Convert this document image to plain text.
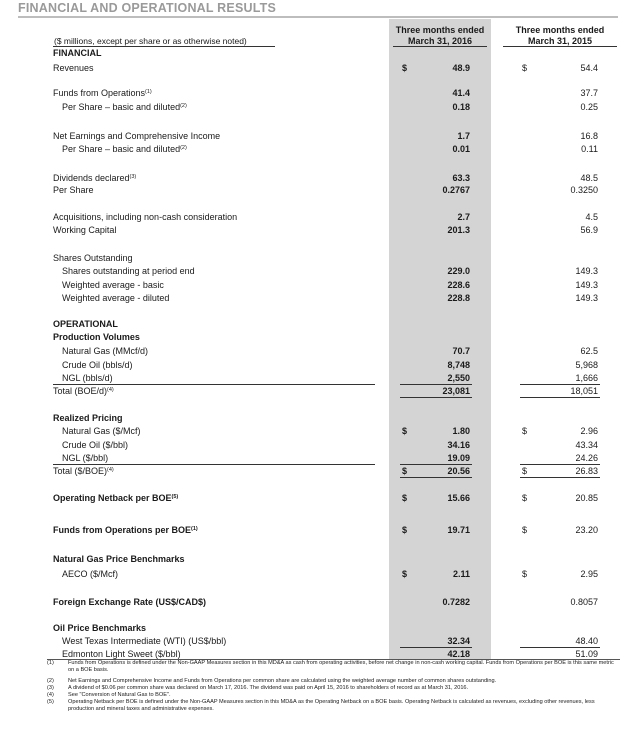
FINANCIAL AND OPERATIONAL RESULTS
Three months ended
March 31, 2016
Three months ended
March 31, 2015
($ millions, except per share or as otherwise noted)
FINANCIAL
Revenues	$	48.9	$	54.4
Funds from Operations$^{(1)}$	41.4	37.7
Per Share – basic and diluted$^{(2)}$	0.18	0.25
Net Earnings and Comprehensive Income	1.7	16.8
Per Share – basic and diluted$^{(2)}$	0.01	0.11
Dividends declared$^{(3)}$	63.3	48.5
Per Share	0.2767	0.3250
Acquisitions, including non-cash consideration	2.7	4.5
Working Capital	201.3	56.9
Shares Outstanding
Shares outstanding at period end	229.0	149.3
Weighted average - basic	228.6	149.3
Weighted average - diluted	228.8	149.3
OPERATIONAL
Production Volumes
Natural Gas (MMcf/d)	70.7	62.5
Crude Oil (bbls/d)	8,748	5,968
NGL (bbls/d)	2,550	1,666
Total $(BOE/d)^{(4)}$	23,081	18,051
Realized Pricing
Natural Gas ($/Mcf)	$	1.80	$	2.96
Crude Oil ($/bbl)	34.16	43.34
NGL ($/bbl)	19.09	24.26
Total ($/BOE)$^{(4)}$	$	20.56	$	26.83
Operating Netback per BOE$^{(5)}$	$	15.66	$	20.85
Funds from Operations per BOE$^{(1)}$	$	19.71	$	23.20
Natural Gas Price Benchmarks
AECO ($/Mcf)	$	2.11	$	2.95
Foreign Exchange Rate (US$/CAD$)	0.7282	0.8057
Oil Price Benchmarks
West Texas Intermediate (WTI) (US$/bbl)	32.34	48.40
Edmonton Light Sweet ($/bbl)	42.18	51.09
(1)	Funds from Operations is defined under the Non-GAAP Measures section in this MD&A as cash from operating activities, before net change in non-cash working capital. Funds from Operations per BOE is this same metric on a BOE basis.
(2)	Net Earnings and Comprehensive Income and Funds from Operations per common share are calculated using the weighted average number of common shares outstanding.
(3)	A dividend of $0.06 per common share was declared on March 17, 2016. The dividend was paid on April 15, 2016 to shareholders of record as at March 31, 2016.
(4)	See "Conversion of Natural Gas to BOE".
(5)	Operating Netback per BOE is defined under the Non-GAAP Measures section in this MD&A as the Operating Netback on a BOE basis. Operating Netback is calculated as revenues, excluding other revenues, less production and mineral taxes and administrative expenses.
